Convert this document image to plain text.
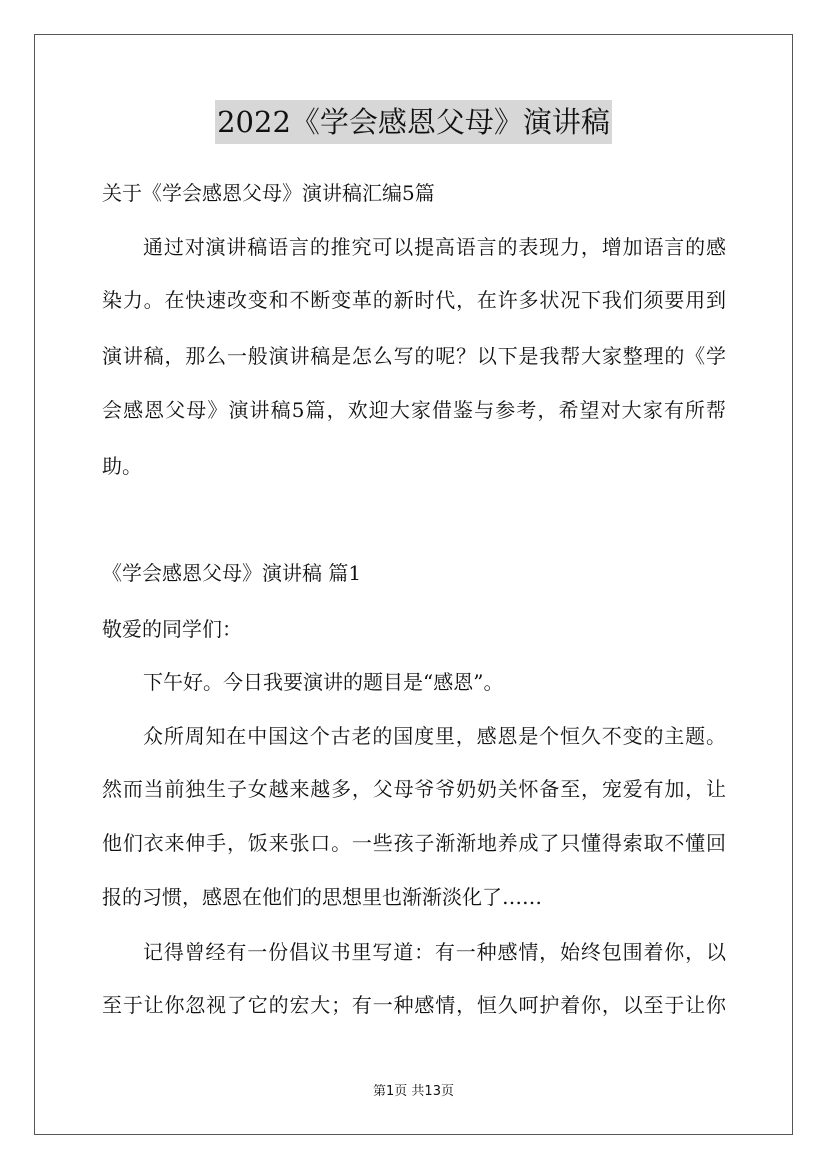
2022《学会感恩父母》演讲稿
关于《学会感恩父母》演讲稿汇编5篇
通过对演讲稿语言的推究可以提高语言的表现力，增加语言的感
染力。在快速改变和不断变革的新时代，在许多状况下我们须要用到
演讲稿，那么一般演讲稿是怎么写的呢？以下是我帮大家整理的《学
会感恩父母》演讲稿5篇，欢迎大家借鉴与参考，希望对大家有所帮
助。
《学会感恩父母》演讲稿 篇1
敬爱的同学们：
下午好。今日我要演讲的题目是“感恩”。
众所周知在中国这个古老的国度里，感恩是个恒久不变的主题。
然而当前独生子女越来越多，父母爷爷奶奶关怀备至，宠爱有加，让
他们衣来伸手，饭来张口。一些孩子渐渐地养成了只懂得索取不懂回
报的习惯，感恩在他们的思想里也渐渐淡化了……
记得曾经有一份倡议书里写道：有一种感情，始终包围着你，以
至于让你忽视了它的宏大；有一种感情，恒久呵护着你，以至于让你
第1页 共13页
